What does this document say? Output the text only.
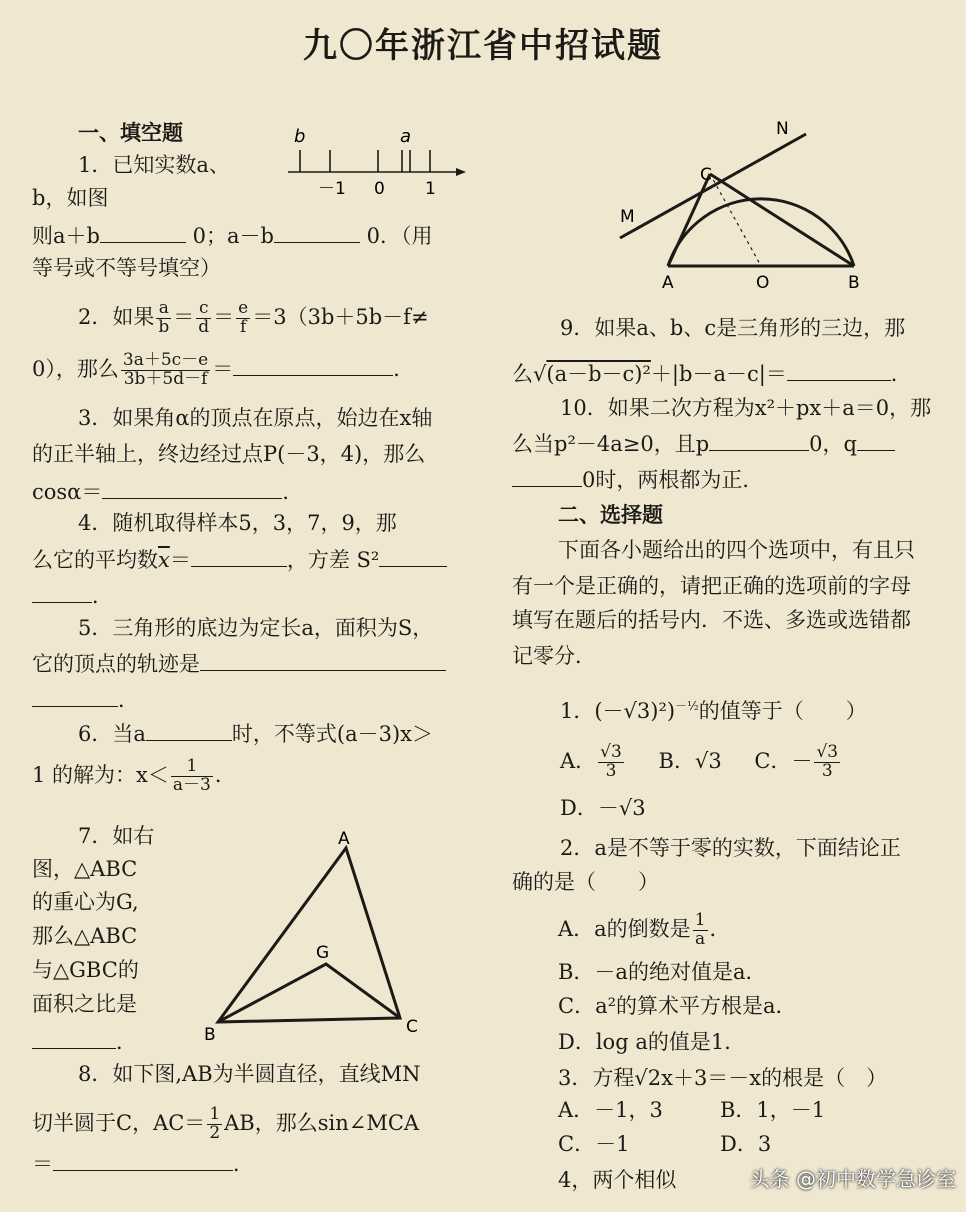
九〇年浙江省中招试题
一、填空题
1．已知实数a、
b	a
－1 0 1
b，如图
则a＋b	0；a－b	0．（用
等号或不等号填空）
2．如果 $\frac{a}{b} = \frac{c}{d} = \frac{e}{f} =3(3b+5b-f\ne$
0），那么 $\frac{3a+5c-e}{3b+5d-f}$ ＝	．
3．如果角α的顶点在原点，始边在x轴
的正半轴上，终边经过点P(－3，4)，那么
cosα＝	．
4．随机取得样本5，3，7，9，那
么它的平均数$\overline{x}=$	，方差 S²
．
5．三角形的底边为定长a，面积为S，
它的顶点的轨迹是
．
6．当a	时，不等式(a－3)x＞
1 的解为：$x< \frac{1}{a-3}$ ．
7．如右
图，△ABC
的重心为G,
那么△ABC
与△GBC的
面积之比是
．
A
B	C
G
8．如下图,AB为半圆直径，直线MN
切半圆于C，$AC= \frac{1}{2}$ AB，那么sin∠MCA
＝	．
N
C
M
A	O	B
9．如果a、b、c是三角形的三边，那
么√(a－b－c)²＋|b－a－c|＝	．
10．如果二次方程为x²＋px＋a＝0，那
么当p²－4a≥0，且p	0，q
0时，两根都为正．
二、选择题
下面各小题给出的四个选项中，有且只
有一个是正确的，请把正确的选项前的字母
填写在题后的括号内．不选、多选或选错都
记零分．
1．(－√3)²)$^{-\frac{1}{2}}$的值等于（　　）
A． $\frac{√3}{3}$ B．√3 C．－ $\frac{√3}{3}$
D．－√3
2．a是不等于零的实数，下面结论正
确的是（　　）
A．a的倒数是 $\frac{1}{a}$ ．
B．－a的绝对值是a．
C．a²的算术平方根是a．
D．log a的值是1．
3．方程√2x＋3＝－x的根是（　）
A．－1，3	B．1，－1
C．－1	D．3
4，两个相似	头条 @初中数学急诊室
